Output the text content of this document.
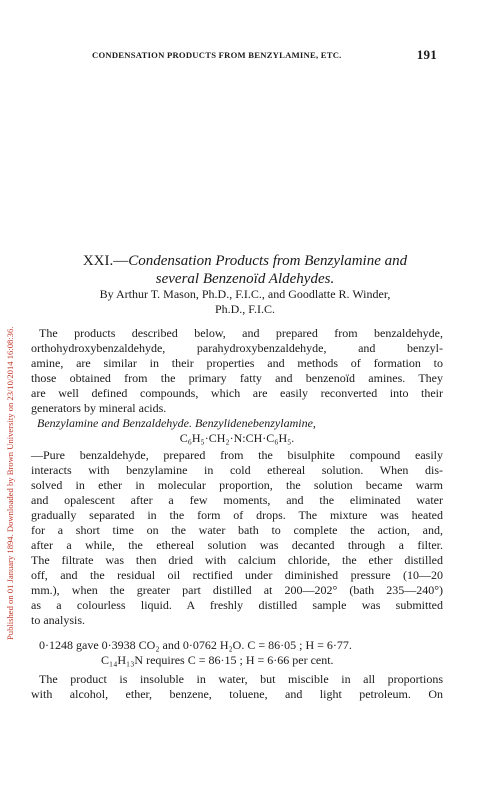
CONDENSATION PRODUCTS FROM BENZYLAMINE, ETC.	191
Published on 01 January 1894. Downloaded by Brown University on 23/10/2014 16:08:36.
XXI.—Condensation Products from Benzylamine and
several Benzenoïd Aldehydes.
By Arthur T. Mason, Ph.D., F.I.C., and Goodlatte R. Winder,
Ph.D., F.I.C.
The products described below, and prepared from benzaldehyde,
orthohydroxybenzaldehyde, parahydroxybenzaldehyde, and benzyl-
amine, are similar in their properties and methods of formation to
those obtained from the primary fatty and benzenoïd amines. They
are well defined compounds, which are easily reconverted into their
generators by mineral acids.
Benzylamine and Benzaldehyde. Benzylidenebenzylamine,
C₆H₅·CH₂·N:CH·C₆H₅.
—Pure benzaldehyde, prepared from the bisulphite compound easily
interacts with benzylamine in cold ethereal solution. When dis-
solved in ether in molecular proportion, the solution became warm
and opalescent after a few moments, and the eliminated water
gradually separated in the form of drops. The mixture was heated
for a short time on the water bath to complete the action, and,
after a while, the ethereal solution was decanted through a filter.
The filtrate was then dried with calcium chloride, the ether distilled
off, and the residual oil rectified under diminished pressure (10—20
mm.), when the greater part distilled at 200—202° (bath 235—240°)
as a colourless liquid. A freshly distilled sample was submitted
to analysis.
0·1248 gave 0·3938 CO₂ and 0·0762 H₂O. C = 86·05 ; H = 6·77.
C₁₄H₁₃N requires C = 86·15 ; H = 6·66 per cent.
The product is insoluble in water, but miscible in all proportions
with alcohol, ether, benzene, toluene, and light petroleum. On
